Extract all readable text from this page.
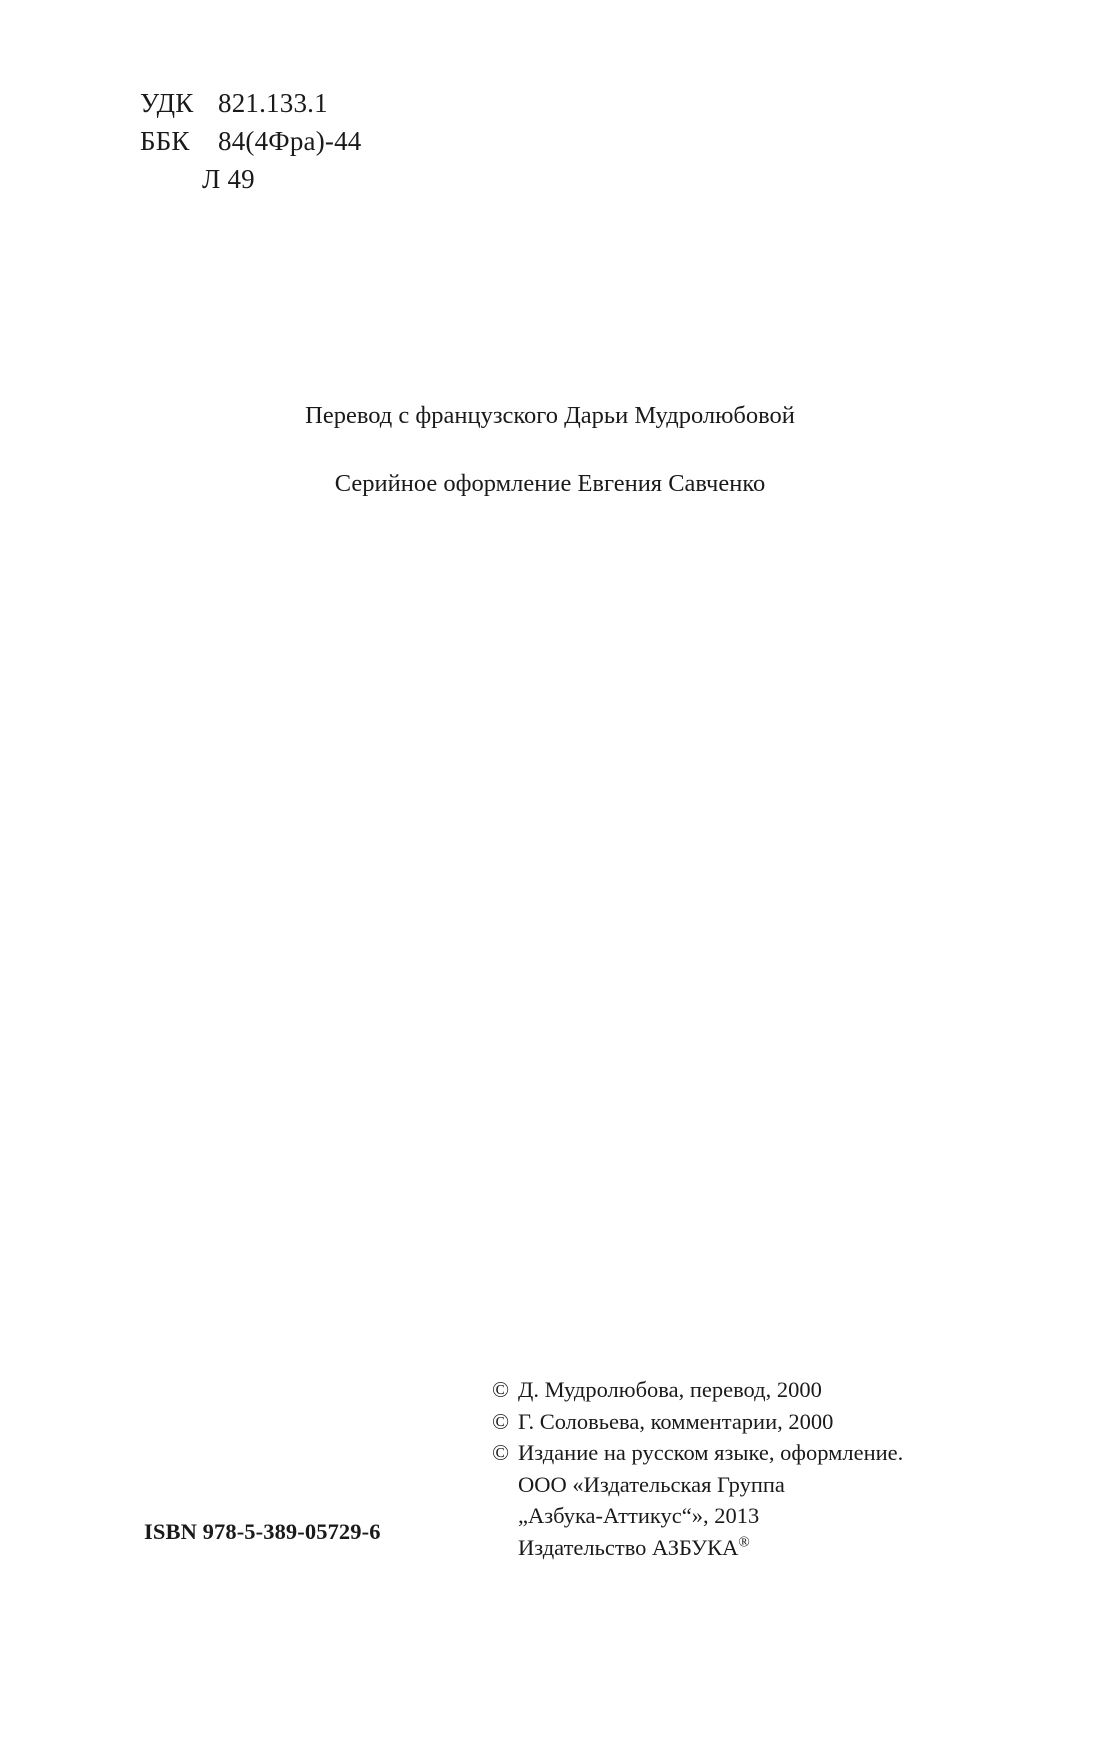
УДК 821.133.1
ББК 84(4Фра)-44
Л 49
Перевод с французского Дарьи Мудролюбовой
Серийное оформление Евгения Савченко
© Д. Мудролюбова, перевод, 2000
© Г. Соловьева, комментарии, 2000
© Издание на русском языке, оформление.
ООО «Издательская Группа
„Азбука-Аттикус“», 2013
Издательство АЗБУКА®
ISBN 978-5-389-05729-6
